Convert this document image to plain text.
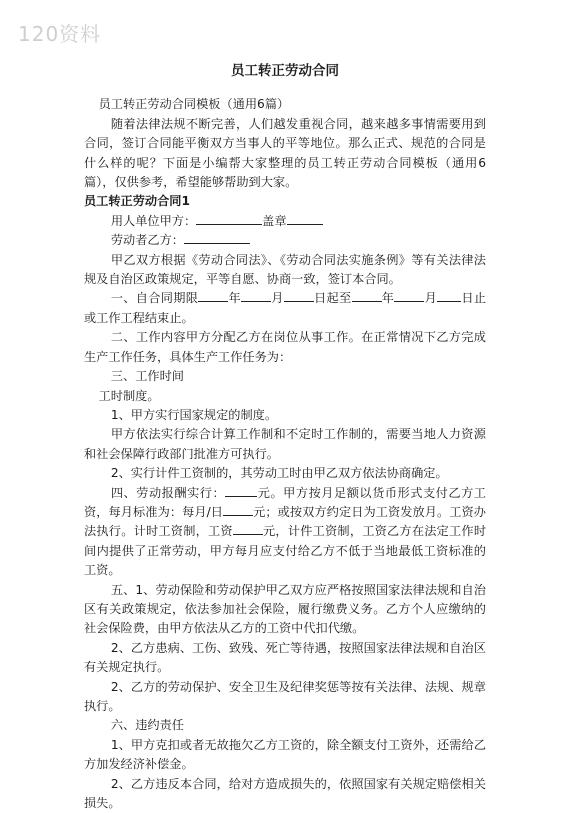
120资料
员工转正劳动合同

员工转正劳动合同模板（通用6篇）

随着法律法规不断完善，人们越发重视合同，越来越多事情需要用到合同，签订合同能平衡双方当事人的平等地位。那么正式、规范的合同是什么样的呢？下面是小编帮大家整理的员工转正劳动合同模板（通用6篇），仅供参考，希望能够帮助到大家。

员工转正劳动合同1

用人单位甲方：	盖章

劳动者乙方：

甲乙双方根据《劳动合同法》、《劳动合同法实施条例》等有关法律法规及自治区政策规定，平等自愿、协商一致，签订本合同。

一、自合同期限 年 月 日起至 年 月 日止或工作工程结束止。

二、工作内容甲方分配乙方在岗位从事工作。在正常情况下乙方完成生产工作任务，具体生产工作任务为：

三、工作时间

工时制度。

1、甲方实行国家规定的制度。

甲方依法实行综合计算工作制和不定时工作制的，需要当地人力资源和社会保障行政部门批准方可执行。

2、实行计件工资制的，其劳动工时由甲乙双方依法协商确定。

四、劳动报酬实行：	元。甲方按月足额以货币形式支付乙方工资，每月标准为：每月/日 元；或按双方约定日为工资发放月。工资办法执行。计时工资制，工资 元，计件工资制，工资乙方在法定工作时间内提供了正常劳动，甲方每月应支付给乙方不低于当地最低工资标准的工资。

五、1、劳动保险和劳动保护甲乙双方应严格按照国家法律法规和自治区有关政策规定，依法参加社会保险，履行缴费义务。乙方个人应缴纳的社会保险费，由甲方依法从乙方的工资中代扣代缴。

2、乙方患病、工伤、致残、死亡等待遇，按照国家法律法规和自治区有关规定执行。

2、乙方的劳动保护、安全卫生及纪律奖惩等按有关法律、法规、规章执行。

六、违约责任

1、甲方克扣或者无故拖欠乙方工资的，除全额支付工资外，还需给乙方加发经济补偿金。

2、乙方违反本合同，给对方造成损失的，依照国家有关规定赔偿相关损失。
